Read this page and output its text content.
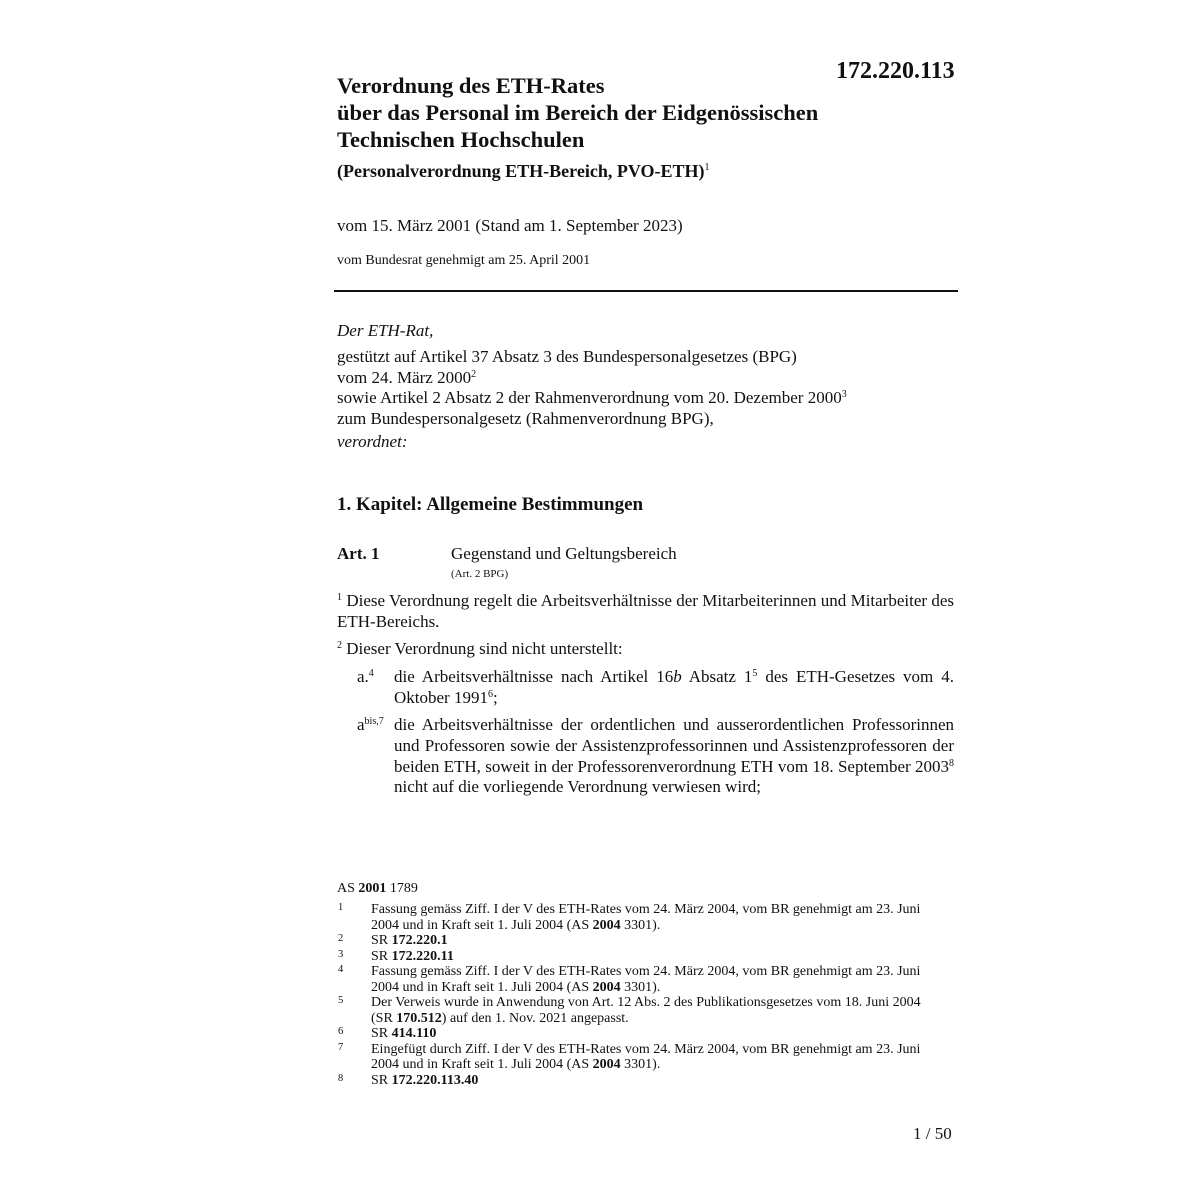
172.220.113
Verordnung des ETH-Rates
über das Personal im Bereich der Eidgenössischen
Technischen Hochschulen
(Personalverordnung ETH-Bereich, PVO-ETH)$^1$
vom 15. März 2001 (Stand am 1. September 2023)
vom Bundesrat genehmigt am 25. April 2001
Der ETH-Rat,
gestützt auf Artikel 37 Absatz 3 des Bundespersonalgesetzes (BPG)
vom 24. März 2000$^2$
sowie Artikel 2 Absatz 2 der Rahmenverordnung vom 20. Dezember 2000$^3$
zum Bundespersonalgesetz (Rahmenverordnung BPG),
verordnet:
1. Kapitel: Allgemeine Bestimmungen
Art. 1	Gegenstand und Geltungsbereich
(Art. 2 BPG)
$^1$ Diese Verordnung regelt die Arbeitsverhältnisse der Mitarbeiterinnen und Mitarbeiter des ETH-Bereichs.
$^2$ Dieser Verordnung sind nicht unterstellt:
a.$^4$ die Arbeitsverhältnisse nach Artikel 16b Absatz $1^5$ des ETH-Gesetzes vom 4. Oktober 1991$^6$;
$a^{bis,7}$ die Arbeitsverhältnisse der ordentlichen und ausserordentlichen Professorinnen und Professoren sowie der Assistenzprofessorinnen und Assistenzprofessoren der beiden ETH, soweit in der Professorenverordnung ETH vom 18. September 2003$^8$ nicht auf die vorliegende Verordnung verwiesen wird;
AS 2001 1789
1 Fassung gemäss Ziff. I der V des ETH-Rates vom 24. März 2004, vom BR genehmigt am 23. Juni 2004 und in Kraft seit 1. Juli 2004 (AS 2004 3301).
2 SR 172.220.1
3 SR 172.220.11
4 Fassung gemäss Ziff. I der V des ETH-Rates vom 24. März 2004, vom BR genehmigt am 23. Juni 2004 und in Kraft seit 1. Juli 2004 (AS 2004 3301).
5 Der Verweis wurde in Anwendung von Art. 12 Abs. 2 des Publikationsgesetzes vom 18. Juni 2004 (SR 170.512) auf den 1. Nov. 2021 angepasst.
6 SR 414.110
7 Eingefügt durch Ziff. I der V des ETH-Rates vom 24. März 2004, vom BR genehmigt am 23. Juni 2004 und in Kraft seit 1. Juli 2004 (AS 2004 3301).
8 SR 172.220.113.40
1 / 50
